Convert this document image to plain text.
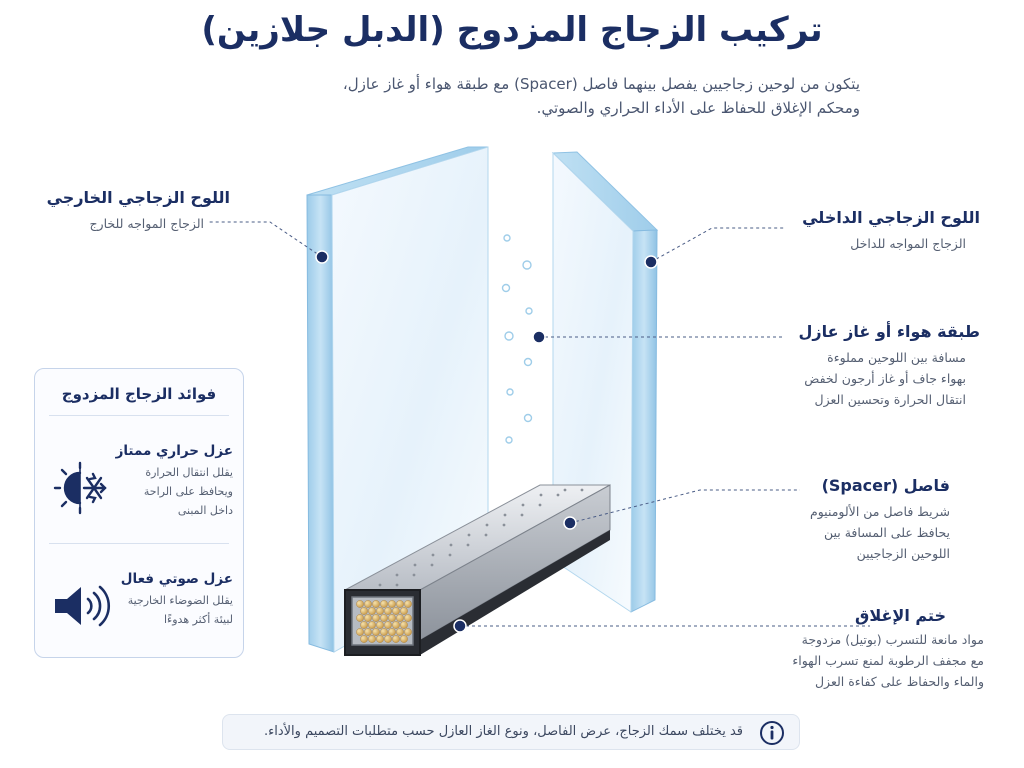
تركيب الزجاج المزدوج (الدبل جلازين)
يتكون من لوحين زجاجيين يفصل بينهما فاصل (Spacer) مع طبقة هواء أو غاز عازل،
ومحكم الإغلاق للحفاظ على الأداء الحراري والصوتي.
اللوح الزجاجي الخارجي
الزجاج المواجه للخارج	اللوح الزجاجي الداخلي
الزجاج المواجه للداخل
طبقة هواء أو غاز عازل
مسافة بين اللوحين مملوءة
بهواء جاف أو غاز أرجون لخفض
انتقال الحرارة وتحسين العزل
فاصل (Spacer)
شريط فاصل من الألومنيوم
يحافظ على المسافة بين
اللوحين الزجاجيين
ختم الإغلاق
مواد مانعة للتسرب (بوتيل) مزدوجة
مع مجفف الرطوبة لمنع تسرب الهواء
والماء والحفاظ على كفاءة العزل
فوائد الزجاج المزدوج
عزل حراري ممتاز
يقلل انتقال الحرارة
ويحافظ على الراحة
داخل المبنى
عزل صوتي فعال
يقلل الضوضاء الخارجية
لبيئة أكثر هدوءًا
قد يختلف سمك الزجاج، عرض الفاصل، ونوع الغاز العازل حسب متطلبات التصميم والأداء.
